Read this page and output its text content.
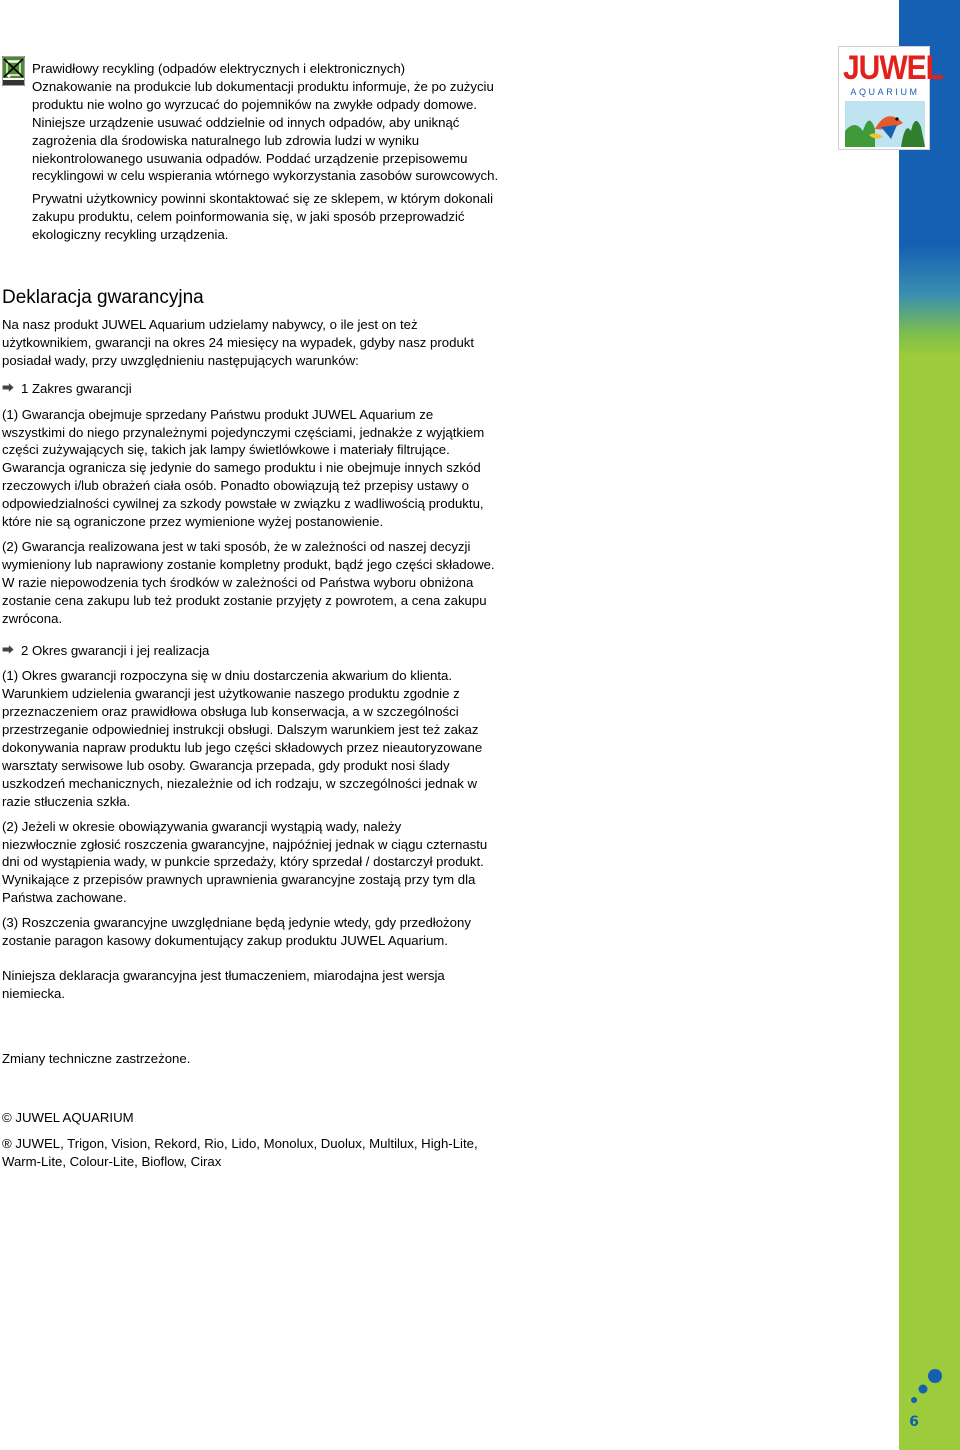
6
JUWEL
AQUARIUM

Prawidłowy recykling (odpadów elektrycznych i elektronicznych)
Oznakowanie na produkcie lub dokumentacji produktu informuje, że po zużyciu
produktu nie wolno go wyrzucać do pojemników na zwykłe odpady domowe.
Niniejsze urządzenie usuwać oddzielnie od innych odpadów, aby uniknąć
zagrożenia dla środowiska naturalnego lub zdrowia ludzi w wyniku
niekontrolowanego usuwania odpadów. Poddać urządzenie przepisowemu
recyklingowi w celu wspierania wtórnego wykorzystania zasobów surowcowych.

Prywatni użytkownicy powinni skontaktować się ze sklepem, w którym dokonali
zakupu produktu, celem poinformowania się, w jaki sposób przeprowadzić
ekologiczny recykling urządzenia.

Deklaracja gwarancyjna

Na nasz produkt JUWEL Aquarium udzielamy nabywcy, o ile jest on też
użytkownikiem, gwarancji na okres 24 miesięcy na wypadek, gdyby nasz produkt
posiadał wady, przy uwzględnieniu następujących warunków:

⮕ 1 Zakres gwarancji

(1) Gwarancja obejmuje sprzedany Państwu produkt JUWEL Aquarium ze
wszystkimi do niego przynależnymi pojedynczymi częściami, jednakże z wyjątkiem
części zużywających się, takich jak lampy świetlówkowe i materiały filtrujące.
Gwarancja ogranicza się jedynie do samego produktu i nie obejmuje innych szkód
rzeczowych i/lub obrażeń ciała osób. Ponadto obowiązują też przepisy ustawy o
odpowiedzialności cywilnej za szkody powstałe w związku z wadliwością produktu,
które nie są ograniczone przez wymienione wyżej postanowienie.

(2) Gwarancja realizowana jest w taki sposób, że w zależności od naszej decyzji
wymieniony lub naprawiony zostanie kompletny produkt, bądź jego części składowe.
W razie niepowodzenia tych środków w zależności od Państwa wyboru obniżona
zostanie cena zakupu lub też produkt zostanie przyjęty z powrotem, a cena zakupu
zwrócona.

⮕ 2 Okres gwarancji i jej realizacja

(1) Okres gwarancji rozpoczyna się w dniu dostarczenia akwarium do klienta.
Warunkiem udzielenia gwarancji jest użytkowanie naszego produktu zgodnie z
przeznaczeniem oraz prawidłowa obsługa lub konserwacja, a w szczególności
przestrzeganie odpowiedniej instrukcji obsługi. Dalszym warunkiem jest też zakaz
dokonywania napraw produktu lub jego części składowych przez nieautoryzowane
warsztaty serwisowe lub osoby. Gwarancja przepada, gdy produkt nosi ślady
uszkodzeń mechanicznych, niezależnie od ich rodzaju, w szczególności jednak w
razie stłuczenia szkła.

(2) Jeżeli w okresie obowiązywania gwarancji wystąpią wady, należy
niezwłocznie zgłosić roszczenia gwarancyjne, najpóźniej jednak w ciągu czternastu
dni od wystąpienia wady, w punkcie sprzedaży, który sprzedał / dostarczył produkt.
Wynikające z przepisów prawnych uprawnienia gwarancyjne zostają przy tym dla
Państwa zachowane.

(3) Roszczenia gwarancyjne uwzględniane będą jedynie wtedy, gdy przedłożony
zostanie paragon kasowy dokumentujący zakup produktu JUWEL Aquarium.

Niniejsza deklaracja gwarancyjna jest tłumaczeniem, miarodajna jest wersja
niemiecka.

Zmiany techniczne zastrzeżone.

© JUWEL AQUARIUM

® JUWEL, Trigon, Vision, Rekord, Rio, Lido, Monolux, Duolux, Multilux, High-Lite,
Warm-Lite, Colour-Lite, Bioflow, Cirax
